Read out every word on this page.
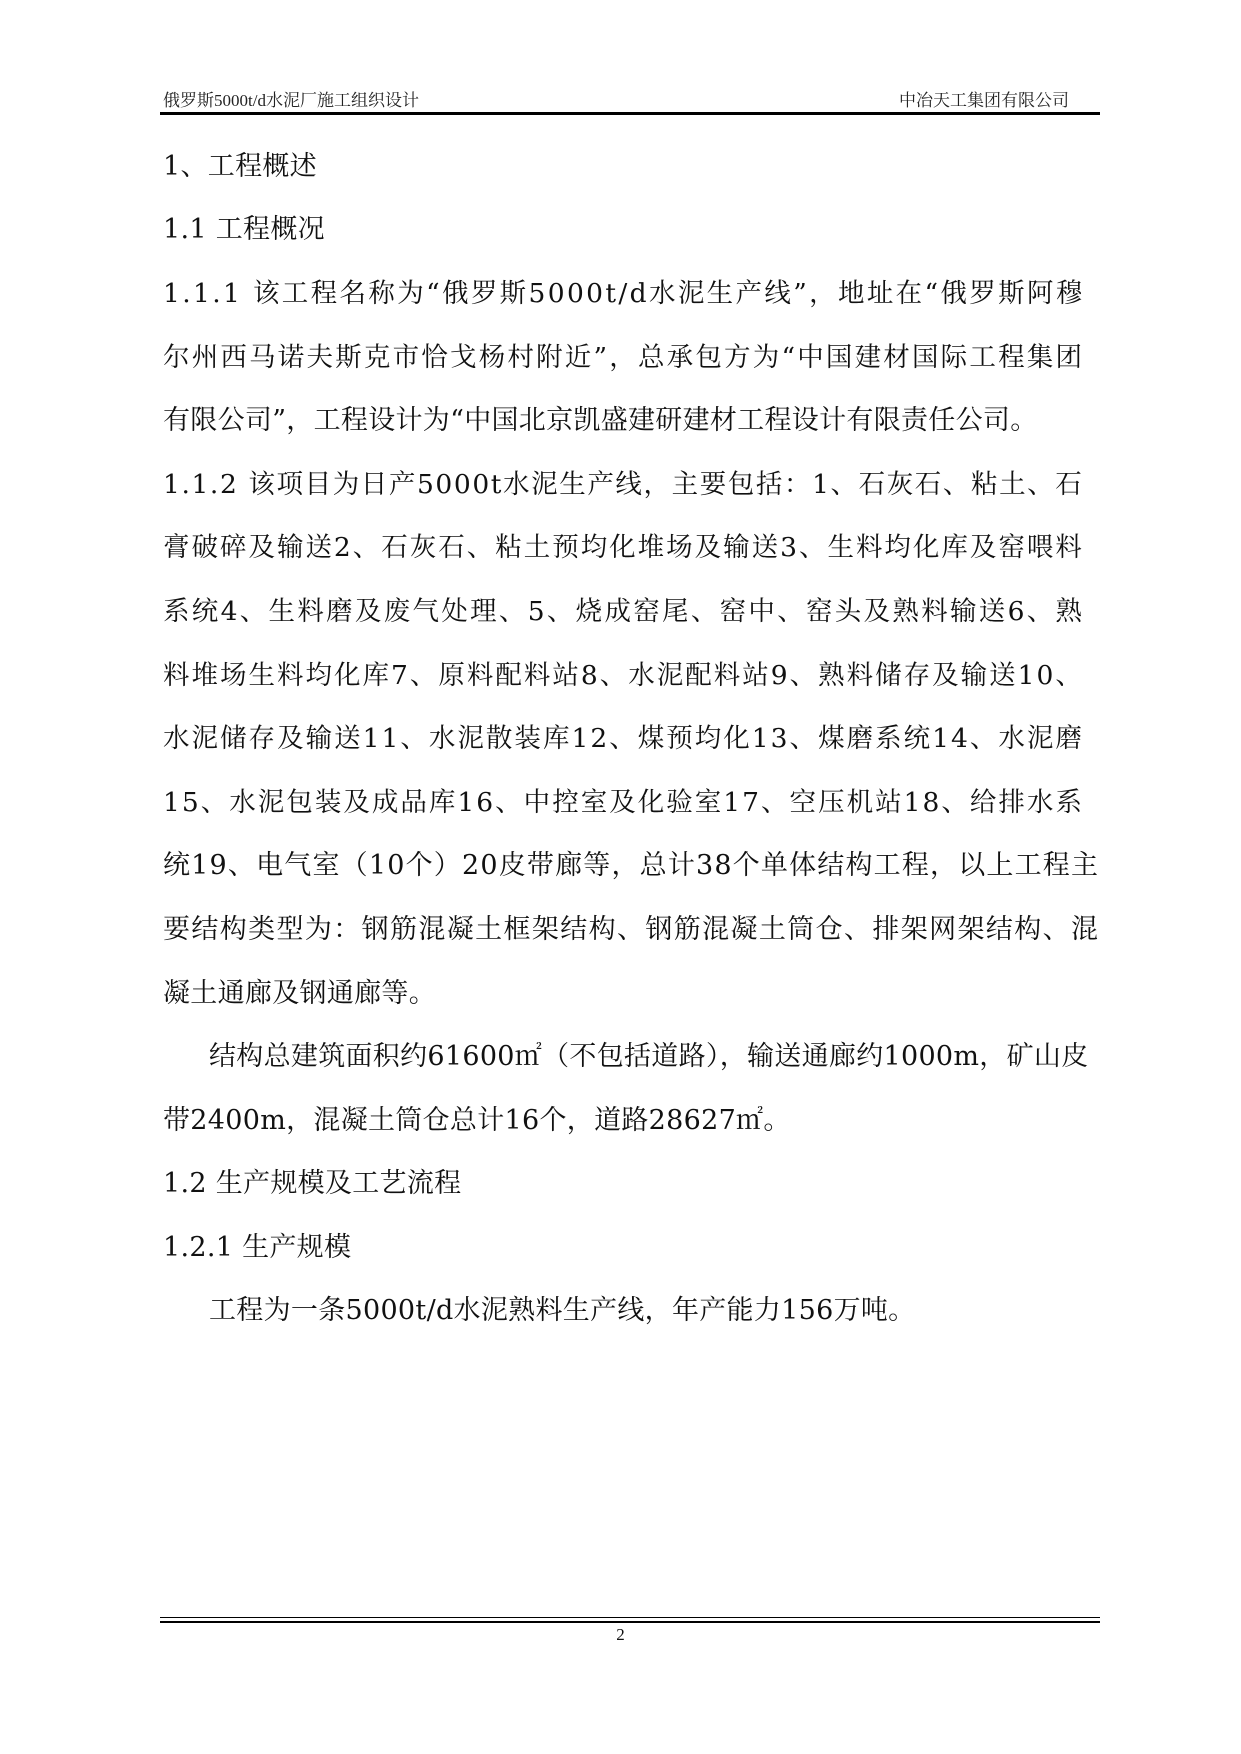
俄罗斯5000t/d水泥厂施工组织设计	中冶天工集团有限公司
1、工程概述
1.1 工程概况
1.1.1 该工程名称为“俄罗斯5000t/d水泥生产线”，地址在“俄罗斯阿穆
尔州西马诺夫斯克市恰戈杨村附近”，总承包方为“中国建材国际工程集团
有限公司”，工程设计为“中国北京凯盛建研建材工程设计有限责任公司。
1.1.2 该项目为日产5000t水泥生产线，主要包括：1、石灰石、粘土、石
膏破碎及输送2、石灰石、粘土预均化堆场及输送3、生料均化库及窑喂料
系统4、生料磨及废气处理、5、烧成窑尾、窑中、窑头及熟料输送6、熟
料堆场生料均化库7、原料配料站8、水泥配料站9、熟料储存及输送10、
水泥储存及输送11、水泥散装库12、煤预均化13、煤磨系统14、水泥磨
15、水泥包装及成品库16、中控室及化验室17、空压机站18、给排水系
统19、电气室（10个）20皮带廊等，总计38个单体结构工程，以上工程主
要结构类型为：钢筋混凝土框架结构、钢筋混凝土筒仓、排架网架结构、混
凝土通廊及钢通廊等。
结构总建筑面积约61600㎡（不包括道路），输送通廊约1000m，矿山皮
带2400m，混凝土筒仓总计16个，道路28627㎡。
1.2 生产规模及工艺流程
1.2.1 生产规模
工程为一条5000t/d水泥熟料生产线，年产能力156万吨。
2
